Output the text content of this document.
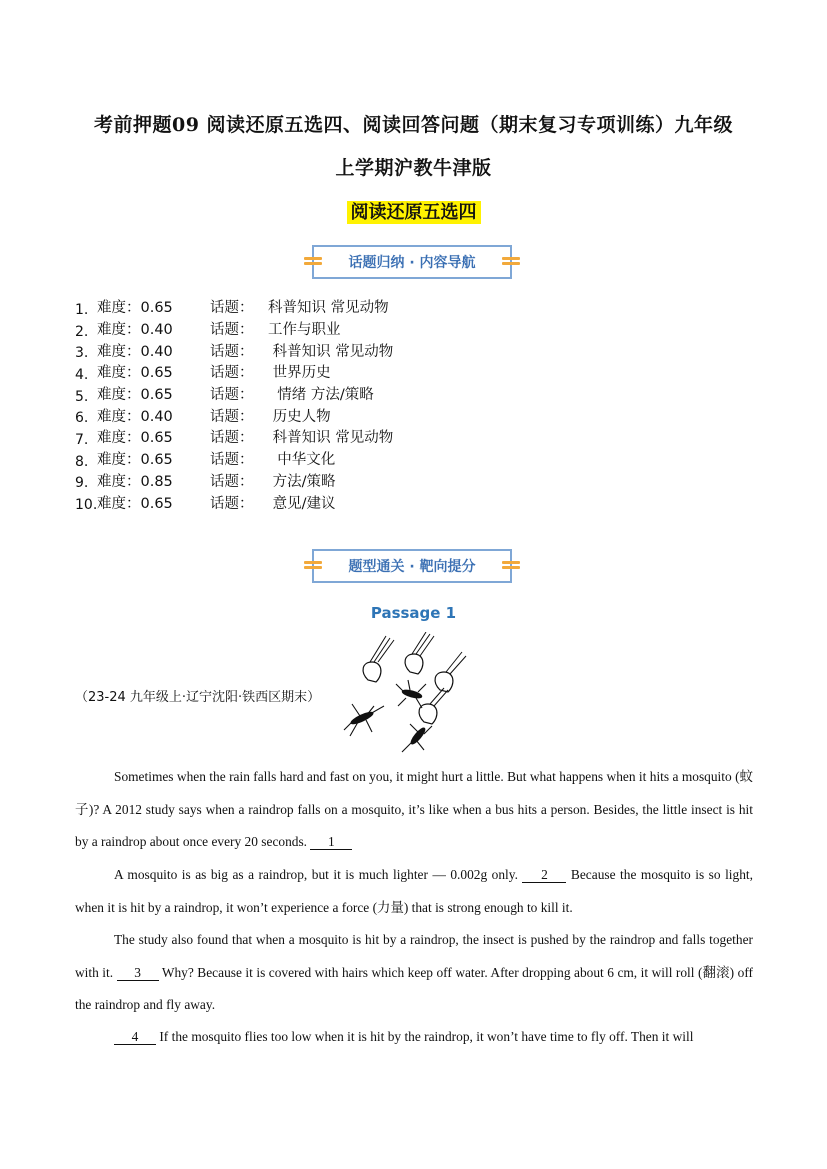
考前押题09 阅读还原五选四、阅读回答问题（期末复习专项训练）九年级
上学期沪教牛津版
阅读还原五选四
话题归纳 · 内容导航
1. 难度：0.65	话题：	科普知识 常见动物
2. 难度：0.40	话题：	工作与职业
3. 难度：0.40	话题：	科普知识 常见动物
4. 难度：0.65	话题：	世界历史
5. 难度：0.65	话题：	情绪 方法/策略
6. 难度：0.40	话题：	历史人物
7. 难度：0.65	话题：	科普知识 常见动物
8. 难度：0.65	话题：	中华文化
9. 难度：0.85	话题：	方法/策略
10. 难度：0.65	话题：	意见/建议
题型通关 · 靶向提分
Passage 1
（23-24 九年级上·辽宁沈阳·铁西区期末）
Sometimes when the rain falls hard and fast on you, it might hurt a little. But what happens when it hits a mosquito (蚊子)? A 2012 study says when a raindrop falls on a mosquito, it’s like when a bus hits a person. Besides, the little insect is hit by a raindrop about once every 20 seconds. 1
A mosquito is as big as a raindrop, but it is much lighter — 0.002g only. 2 Because the mosquito is so light, when it is hit by a raindrop, it won’t experience a force (力量) that is strong enough to kill it.
The study also found that when a mosquito is hit by a raindrop, the insect is pushed by the raindrop and falls together with it. 3 Why? Because it is covered with hairs which keep off water. After dropping about 6 cm, it will roll (翻滚) off the raindrop and fly away.
4 If the mosquito flies too low when it is hit by the raindrop, it won’t have time to fly off. Then it will
